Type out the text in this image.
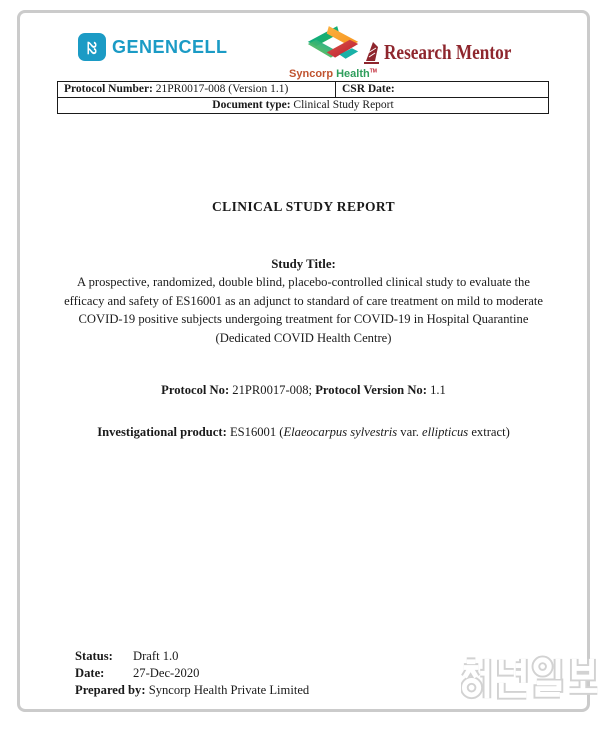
22 GENENCELL
Syncorp Health™
Research Mentor
Protocol Number: 21PR0017-008 (Version 1.1)	CSR Date:
Document type: Clinical Study Report
CLINICAL STUDY REPORT
Study Title:
A prospective, randomized, double blind, placebo-controlled clinical study to evaluate the efficacy and safety of ES16001 as an adjunct to standard of care treatment on mild to moderate COVID-19 positive subjects undergoing treatment for COVID-19 in Hospital Quarantine (Dedicated COVID Health Centre)
Protocol No: 21PR0017-008; Protocol Version No: 1.1
Investigational product: ES16001 (Elaeocarpus sylvestris var. ellipticus extract)
Status: Draft 1.0
Date: 27-Dec-2020
Prepared by: Syncorp Health Private Limited
